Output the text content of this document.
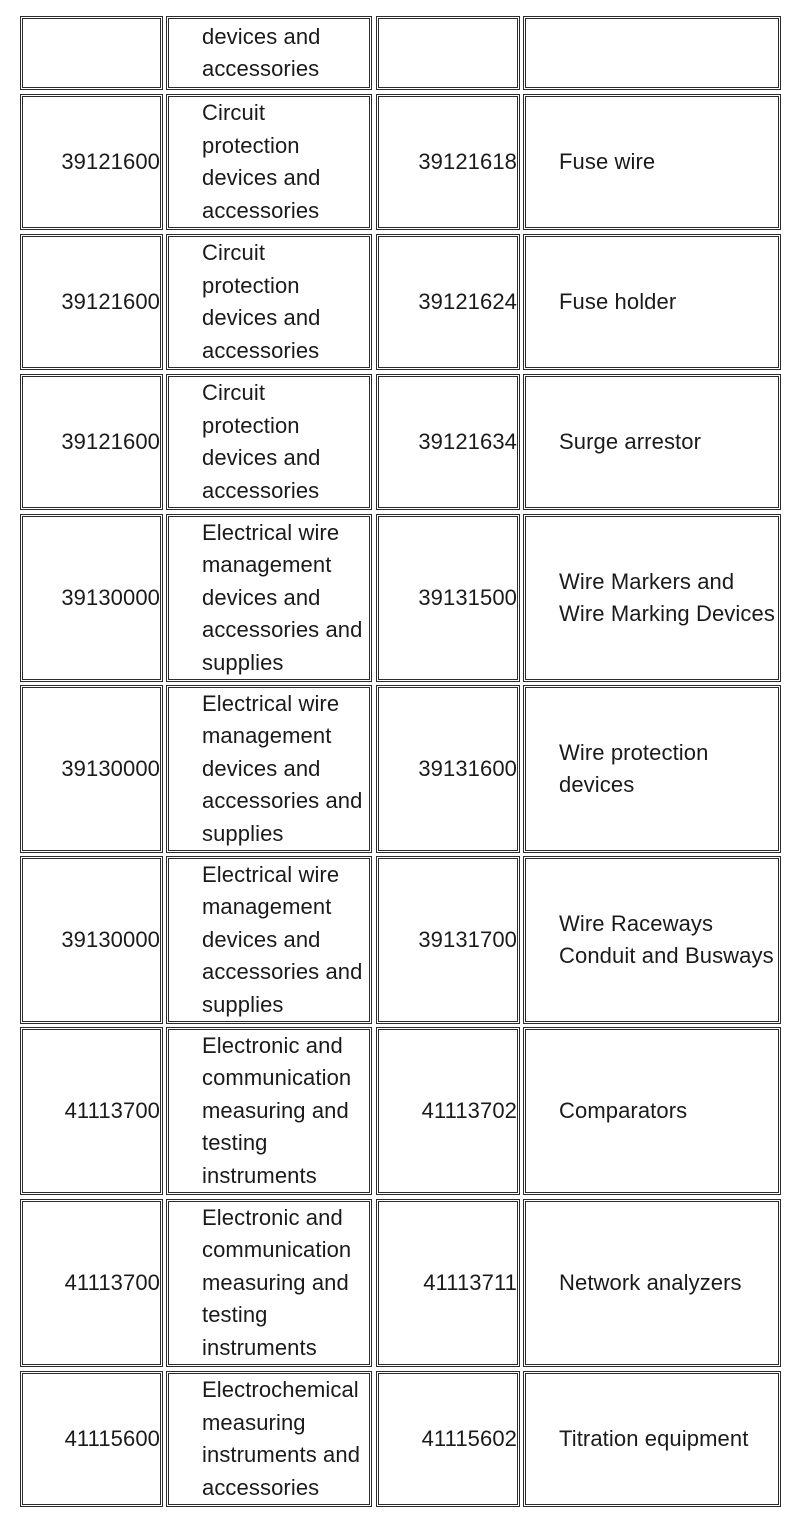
devices and accessories
39121600
Circuit protection devices and accessories
39121618 Fuse wire
39121600
Circuit protection devices and accessories
39121624 Fuse holder
39121600
Circuit protection devices and accessories
39121634 Surge arrestor
39130000
Electrical wire management devices and accessories and supplies
39131500
Wire Markers and Wire Marking Devices
39130000
Electrical wire management devices and accessories and supplies
39131600
Wire protection devices
39130000
Electrical wire management devices and accessories and supplies
39131700
Wire Raceways Conduit and Busways
41113700
Electronic and communication measuring and testing instruments
41113702 Comparators
41113700
Electronic and communication measuring and testing instruments
41113711 Network analyzers
41115600
Electrochemical measuring instruments and accessories
41115602 Titration equipment
